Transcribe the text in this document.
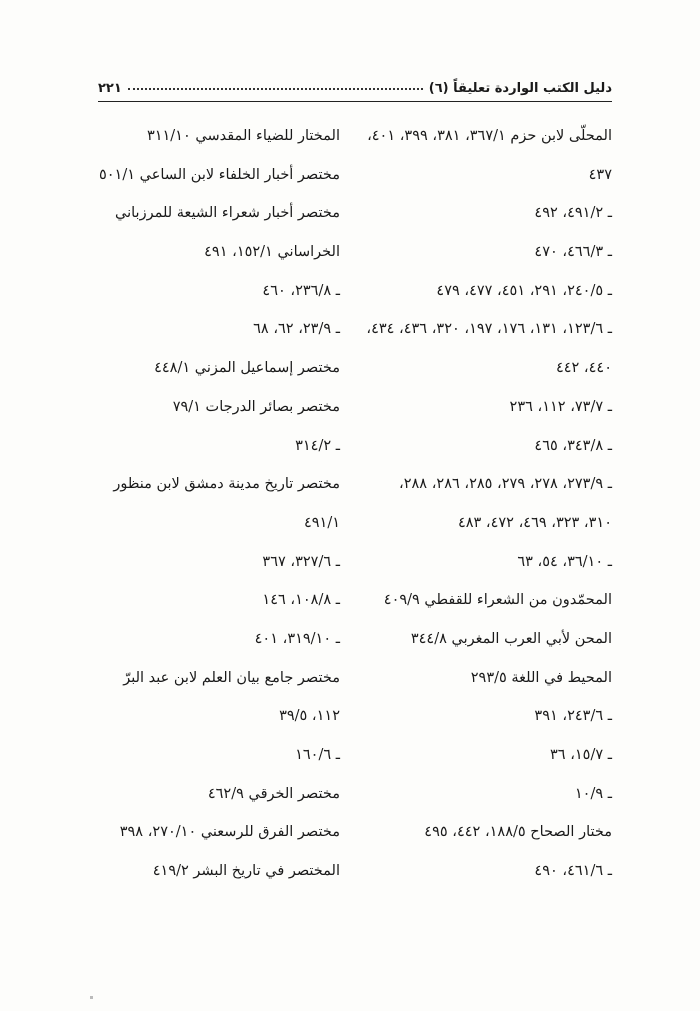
دليل الكتب الواردة تعليقاً (٦)
٢٢١
المحلّى لابن حزم ٣٦٧/١، ٣٨١، ٣٩٩، ٤٠١،
٤٣٧
ـ ٤٩١/٢، ٤٩٢
ـ ٤٦٦/٣، ٤٧٠
ـ ٢٤٠/٥، ٢٩١، ٤٥١، ٤٧٧، ٤٧٩
ـ ١٢٣/٦، ١٣١، ١٧٦، ١٩٧، ٣٢٠، ٤٣٦، ٤٣٤،
٤٤٠، ٤٤٢
ـ ٧٣/٧، ١١٢، ٢٣٦
ـ ٣٤٣/٨، ٤٦٥
ـ ٢٧٣/٩، ٢٧٨، ٢٧٩، ٢٨٥، ٢٨٦، ٢٨٨،
٣١٠، ٣٢٣، ٤٦٩، ٤٧٢، ٤٨٣
ـ ٣٦/١٠، ٥٤، ٦٣
المحمّدون من الشعراء للقفطي ٤٠٩/٩
المحن لأبي العرب المغربي ٣٤٤/٨
المحيط في اللغة ٢٩٣/٥
ـ ٢٤٣/٦، ٣٩١
ـ ١٥/٧، ٣٦
ـ ١٠/٩
مختار الصحاح ١٨٨/٥، ٤٤٢، ٤٩٥
ـ ٤٦١/٦، ٤٩٠
المختار للضياء المقدسي ٣١١/١٠
مختصر أخبار الخلفاء لابن الساعي ٥٠١/١
مختصر أخبار شعراء الشيعة للمرزباني
الخراساني ١٥٢/١، ٤٩١
ـ ٢٣٦/٨، ٤٦٠
ـ ٢٣/٩، ٦٢، ٦٨
مختصر إسماعيل المزني ٤٤٨/١
مختصر بصائر الدرجات ٧٩/١
ـ ٣١٤/٢
مختصر تاريخ مدينة دمشق لابن منظور
٤٩١/١
ـ ٣٢٧/٦، ٣٦٧
ـ ١٠٨/٨، ١٤٦
ـ ٣١٩/١٠، ٤٠١
مختصر جامع بيان العلم لابن عبد البرّ
١١٢، ٣٩/٥
ـ ١٦٠/٦
مختصر الخرقي ٤٦٢/٩
مختصر الفرق للرسعني ٢٧٠/١٠، ٣٩٨
المختصر في تاريخ البشر ٤١٩/٢
